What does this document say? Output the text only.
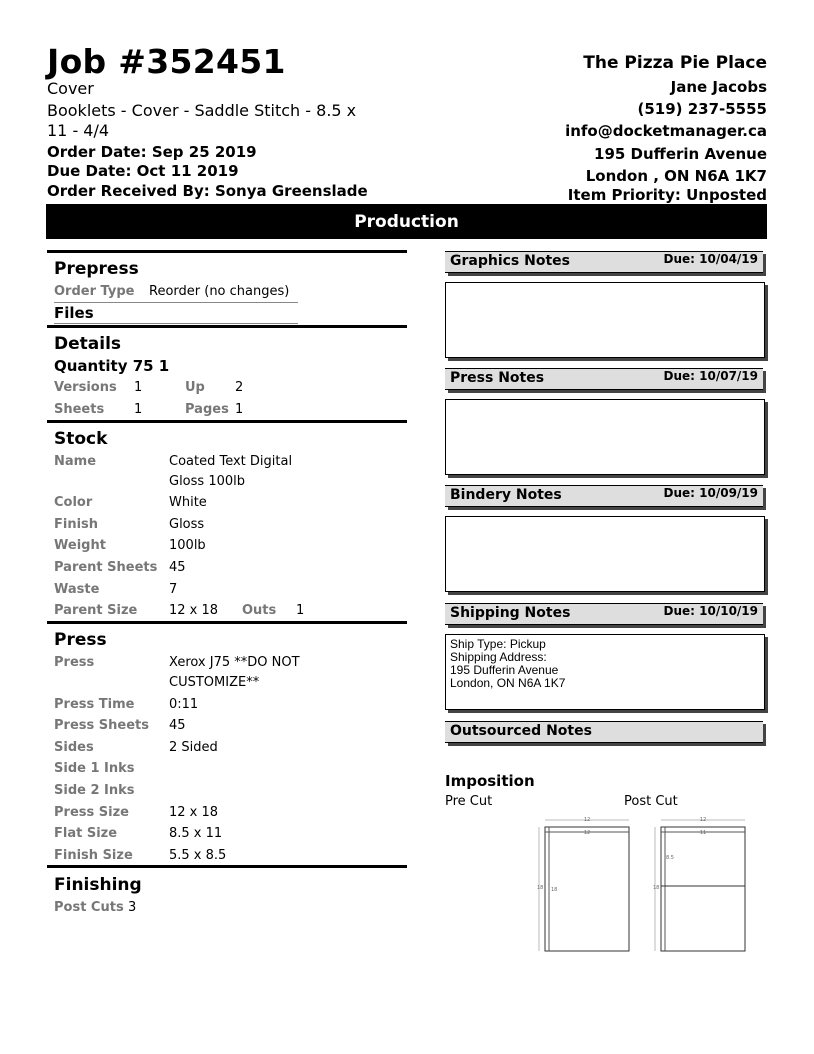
Job #352451
Cover
Booklets - Cover - Saddle Stitch - 8.5 x
11 - 4/4
Order Date: Sep 25 2019
Due Date: Oct 11 2019
Order Received By: Sonya Greenslade
The Pizza Pie Place
Jane Jacobs
(519) 237-5555
info@docketmanager.ca
195 Dufferin Avenue
London , ON N6A 1K7
Item Priority: Unposted
Production
Prepress
Order Type Reorder (no changes)
Files
Details
Quantity 75 1
Versions 1	Up 2
Sheets 1	Pages 1
Stock
Name	Coated Text Digital
Gloss 100lb
Color	White
Finish	Gloss
Weight	100lb
Parent Sheets 45
Waste	7
Parent Size 12 x 18 Outs 1
Press
Press	Xerox J75 **DO NOT
CUSTOMIZE**
Press Time	0:11
Press Sheets 45
Sides	2 Sided
Side 1 Inks
Side 2 Inks
Press Size	12 x 18
Flat Size	8.5 x 11
Finish Size	5.5 x 8.5
Finishing
Post Cuts 3
Graphics Notes	Due: 10/04/19
Press Notes	Due: 10/07/19
Bindery Notes	Due: 10/09/19
Shipping Notes	Due: 10/10/19
Ship Type: Pickup
Shipping Address:
195 Dufferin Avenue
London, ON N6A 1K7
Outsourced Notes
Imposition
Pre Cut	Post Cut
12
12
18 18
12
11
18
8.5
